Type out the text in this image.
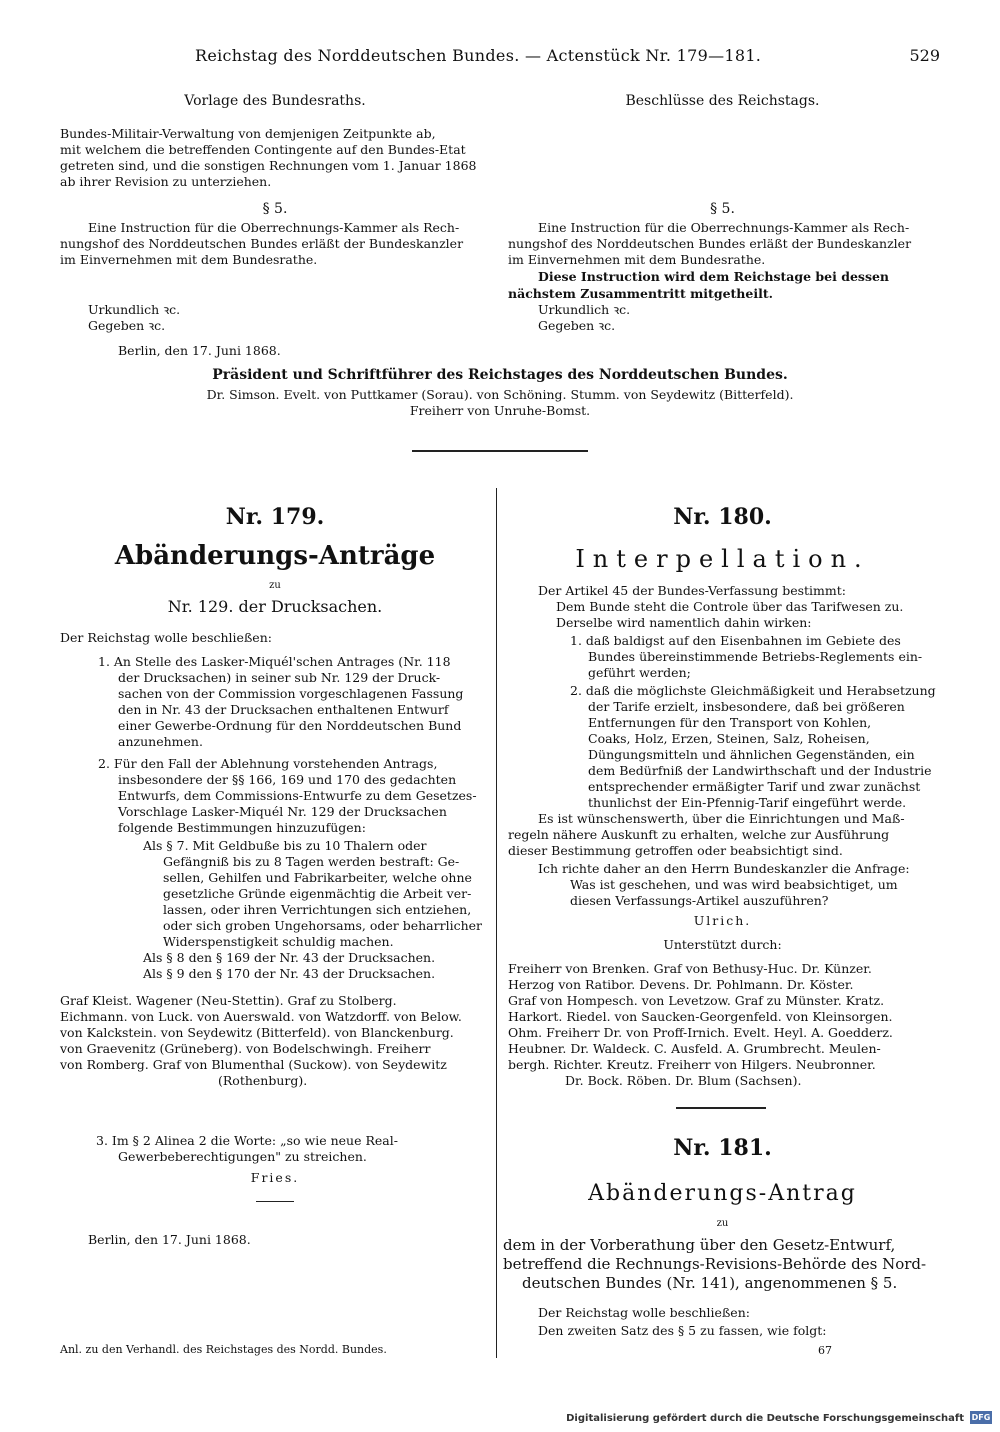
Reichstag des Norddeutschen Bundes. — Actenstück Nr. 179—181.	529
Vorlage des Bundesraths.	Beschlüsse des Reichstags.
Bundes-Militair-Verwaltung von demjenigen Zeitpunkte ab,
mit welchem die betreffenden Contingente auf den Bundes-Etat
getreten sind, und die sonstigen Rechnungen vom 1. Januar 1868
ab ihrer Revision zu unterziehen.
§ 5.
Eine Instruction für die Oberrechnungs-Kammer als Rech-
nungshof des Norddeutschen Bundes erläßt der Bundeskanzler
im Einvernehmen mit dem Bundesrathe.
Urkundlich ꝛc.
Gegeben ꝛc.
Berlin, den 17. Juni 1868.
§ 5.
Eine Instruction für die Oberrechnungs-Kammer als Rech-
nungshof des Norddeutschen Bundes erläßt der Bundeskanzler
im Einvernehmen mit dem Bundesrathe.
Diese Instruction wird dem Reichstage bei dessen
nächstem Zusammentritt mitgetheilt.
Urkundlich ꝛc.
Gegeben ꝛc.
Präsident und Schriftführer des Reichstages des Norddeutschen Bundes.
Dr. Simson. Evelt. von Puttkamer (Sorau). von Schöning. Stumm. von Seydewitz (Bitterfeld).
Freiherr von Unruhe-Bomst.
Nr. 179.
Abänderungs-Anträge
zu
Nr. 129. der Drucksachen.
Der Reichstag wolle beschließen:
1. An Stelle des Lasker-Miquél'schen Antrages (Nr. 118
der Drucksachen) in seiner sub Nr. 129 der Druck-
sachen von der Commission vorgeschlagenen Fassung
den in Nr. 43 der Drucksachen enthaltenen Entwurf
einer Gewerbe-Ordnung für den Norddeutschen Bund
anzunehmen.
2. Für den Fall der Ablehnung vorstehenden Antrags,
insbesondere der §§ 166, 169 und 170 des gedachten
Entwurfs, dem Commissions-Entwurfe zu dem Gesetzes-
Vorschlage Lasker-Miquél Nr. 129 der Drucksachen
folgende Bestimmungen hinzuzufügen:
Als § 7. Mit Geldbuße bis zu 10 Thalern oder
Gefängniß bis zu 8 Tagen werden bestraft: Ge-
sellen, Gehilfen und Fabrikarbeiter, welche ohne
gesetzliche Gründe eigenmächtig die Arbeit ver-
lassen, oder ihren Verrichtungen sich entziehen,
oder sich groben Ungehorsams, oder beharrlicher
Widerspenstigkeit schuldig machen.
Als § 8 den § 169 der Nr. 43 der Drucksachen.
Als § 9 den § 170 der Nr. 43 der Drucksachen.
Graf Kleist. Wagener (Neu-Stettin). Graf zu Stolberg.
Eichmann. von Luck. von Auerswald. von Watzdorff. von Below.
von Kalckstein. von Seydewitz (Bitterfeld). von Blanckenburg.
von Graevenitz (Grüneberg). von Bodelschwingh. Freiherr
von Romberg. Graf von Blumenthal (Suckow). von Seydewitz
(Rothenburg).
3. Im § 2 Alinea 2 die Worte: „so wie neue Real-
Gewerbeberechtigungen" zu streichen.
Fries.
Berlin, den 17. Juni 1868.
Anl. zu den Verhandl. des Reichstages des Nordd. Bundes.
Nr. 180.
Interpellation.
Der Artikel 45 der Bundes-Verfassung bestimmt:
Dem Bunde steht die Controle über das Tarifwesen zu.
Derselbe wird namentlich dahin wirken:
1. daß baldigst auf den Eisenbahnen im Gebiete des
Bundes übereinstimmende Betriebs-Reglements ein-
geführt werden;
2. daß die möglichste Gleichmäßigkeit und Herabsetzung
der Tarife erzielt, insbesondere, daß bei größeren
Entfernungen für den Transport von Kohlen,
Coaks, Holz, Erzen, Steinen, Salz, Roheisen,
Düngungsmitteln und ähnlichen Gegenständen, ein
dem Bedürfniß der Landwirthschaft und der Industrie
entsprechender ermäßigter Tarif und zwar zunächst
thunlichst der Ein-Pfennig-Tarif eingeführt werde.
Es ist wünschenswerth, über die Einrichtungen und Maß-
regeln nähere Auskunft zu erhalten, welche zur Ausführung
dieser Bestimmung getroffen oder beabsichtigt sind.
Ich richte daher an den Herrn Bundeskanzler die Anfrage:
Was ist geschehen, und was wird beabsichtiget, um
diesen Verfassungs-Artikel auszuführen?
Ulrich.
Unterstützt durch:
Freiherr von Brenken. Graf von Bethusy-Huc. Dr. Künzer.
Herzog von Ratibor. Devens. Dr. Pohlmann. Dr. Köster.
Graf von Hompesch. von Levetzow. Graf zu Münster. Kratz.
Harkort. Riedel. von Saucken-Georgenfeld. von Kleinsorgen.
Ohm. Freiherr Dr. von Proff-Irnich. Evelt. Heyl. A. Goedderz.
Heubner. Dr. Waldeck. C. Ausfeld. A. Grumbrecht. Meulen-
bergh. Richter. Kreutz. Freiherr von Hilgers. Neubronner.
Dr. Bock. Röben. Dr. Blum (Sachsen).
Nr. 181.
Abänderungs-Antrag
zu
dem in der Vorberathung über den Gesetz-Entwurf,
betreffend die Rechnungs-Revisions-Behörde des Nord-
deutschen Bundes (Nr. 141), angenommenen § 5.
Der Reichstag wolle beschließen:
Den zweiten Satz des § 5 zu fassen, wie folgt:
67
Digitalisierung gefördert durch die Deutsche Forschungsgemeinschaft DFG
